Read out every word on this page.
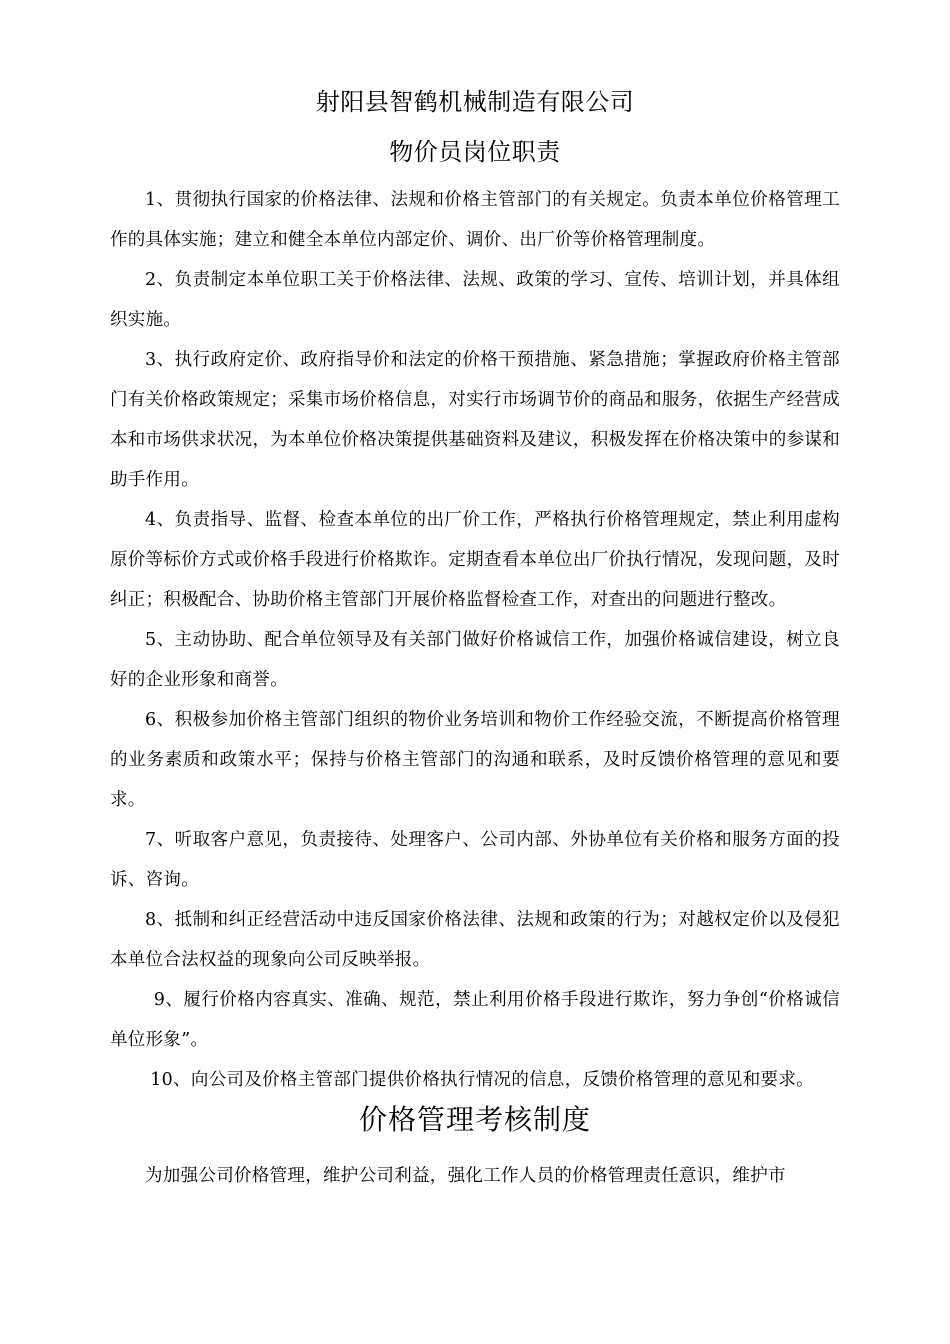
射阳县智鹤机械制造有限公司
物价员岗位职责

1、贯彻执行国家的价格法律、法规和价格主管部门的有关规定。负责本单位价格管理工作的具体实施；建立和健全本单位内部定价、调价、出厂价等价格管理制度。

2、负责制定本单位职工关于价格法律、法规、政策的学习、宣传、培训计划，并具体组织实施。

3、执行政府定价、政府指导价和法定的价格干预措施、紧急措施；掌握政府价格主管部门有关价格政策规定；采集市场价格信息，对实行市场调节价的商品和服务，依据生产经营成本和市场供求状况，为本单位价格决策提供基础资料及建议，积极发挥在价格决策中的参谋和助手作用。

4、负责指导、监督、检查本单位的出厂价工作，严格执行价格管理规定，禁止利用虚构原价等标价方式或价格手段进行价格欺诈。定期查看本单位出厂价执行情况，发现问题，及时纠正；积极配合、协助价格主管部门开展价格监督检查工作，对查出的问题进行整改。

5、主动协助、配合单位领导及有关部门做好价格诚信工作，加强价格诚信建设，树立良好的企业形象和商誉。

6、积极参加价格主管部门组织的物价业务培训和物价工作经验交流，不断提高价格管理的业务素质和政策水平；保持与价格主管部门的沟通和联系，及时反馈价格管理的意见和要求。

7、听取客户意见，负责接待、处理客户、公司内部、外协单位有关价格和服务方面的投诉、咨询。

8、抵制和纠正经营活动中违反国家价格法律、法规和政策的行为；对越权定价以及侵犯本单位合法权益的现象向公司反映举报。

9、履行价格内容真实、准确、规范，禁止利用价格手段进行欺诈，努力争创“价格诚信单位形象”。

10、向公司及价格主管部门提供价格执行情况的信息，反馈价格管理的意见和要求。

价格管理考核制度

为加强公司价格管理，维护公司利益，强化工作人员的价格管理责任意识，维护市
